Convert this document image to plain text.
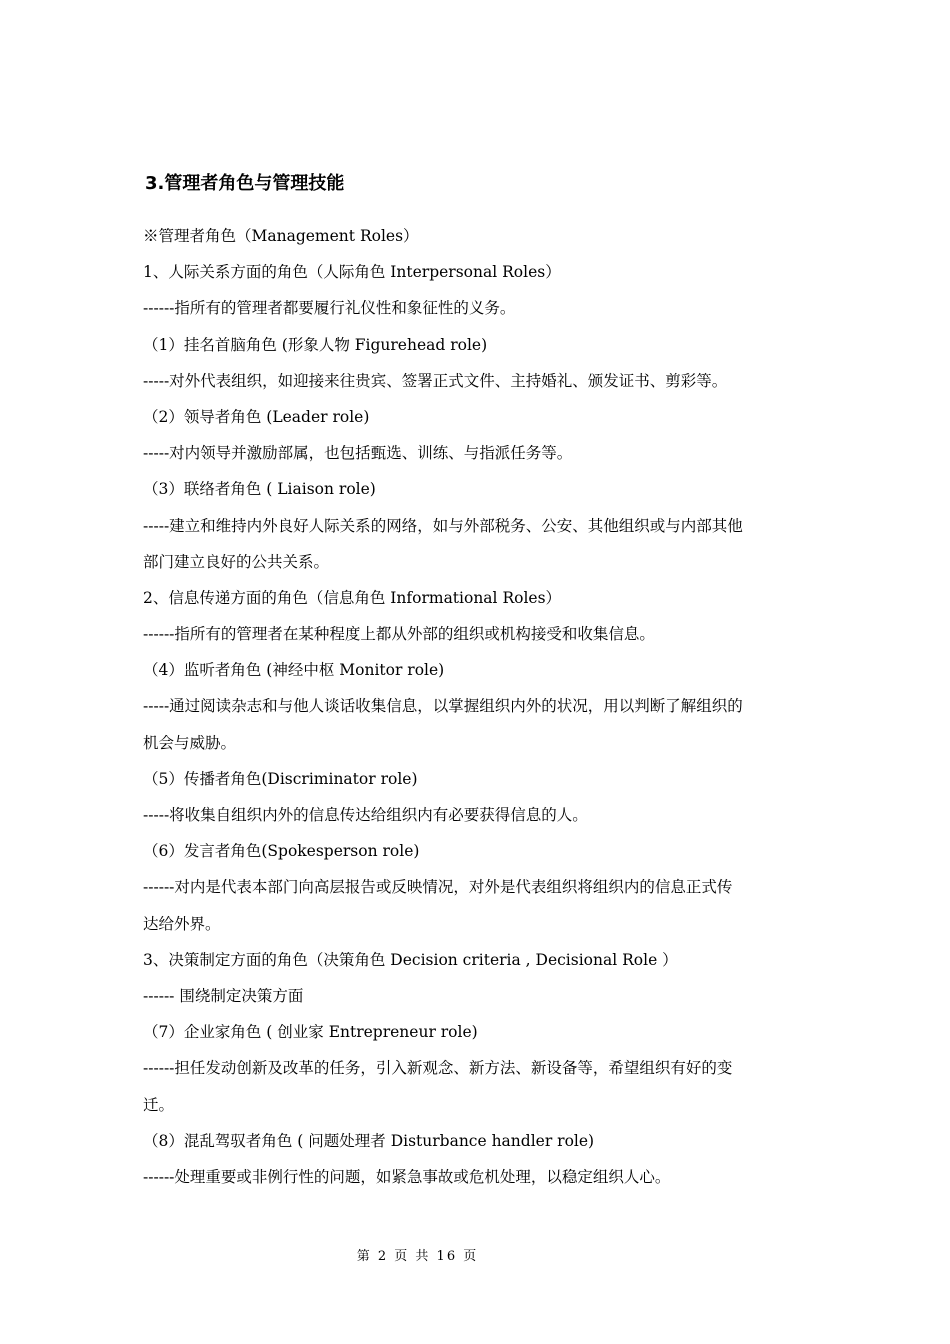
3.管理者角色与管理技能
※管理者角色（Management Roles）
1、人际关系方面的角色（人际角色 Interpersonal Roles）
------指所有的管理者都要履行礼仪性和象征性的义务。
（1）挂名首脑角色 (形象人物 Figurehead role)
-----对外代表组织，如迎接来往贵宾、签署正式文件、主持婚礼、颁发证书、剪彩等。
（2）领导者角色 (Leader role)
-----对内领导并激励部属，也包括甄选、训练、与指派任务等。
（3）联络者角色 ( Liaison role)
-----建立和维持内外良好人际关系的网络，如与外部税务、公安、其他组织或与内部其他
部门建立良好的公共关系。
2、信息传递方面的角色（信息角色 Informational Roles）
------指所有的管理者在某种程度上都从外部的组织或机构接受和收集信息。
（4）监听者角色 (神经中枢 Monitor role)
-----通过阅读杂志和与他人谈话收集信息，以掌握组织内外的状况，用以判断了解组织的
机会与威胁。
（5）传播者角色(Discriminator role)
-----将收集自组织内外的信息传达给组织内有必要获得信息的人。
（6）发言者角色(Spokesperson role)
------对内是代表本部门向高层报告或反映情况，对外是代表组织将组织内的信息正式传
达给外界。
3、决策制定方面的角色（决策角色 Decision criteria , Decisional Role ）
------ 围绕制定决策方面
（7）企业家角色 ( 创业家 Entrepreneur role)
------担任发动创新及改革的任务，引入新观念、新方法、新设备等，希望组织有好的变
迁。
（8）混乱驾驭者角色 ( 问题处理者 Disturbance handler role)
------处理重要或非例行性的问题，如紧急事故或危机处理，以稳定组织人心。
第 2 页 共 16 页
